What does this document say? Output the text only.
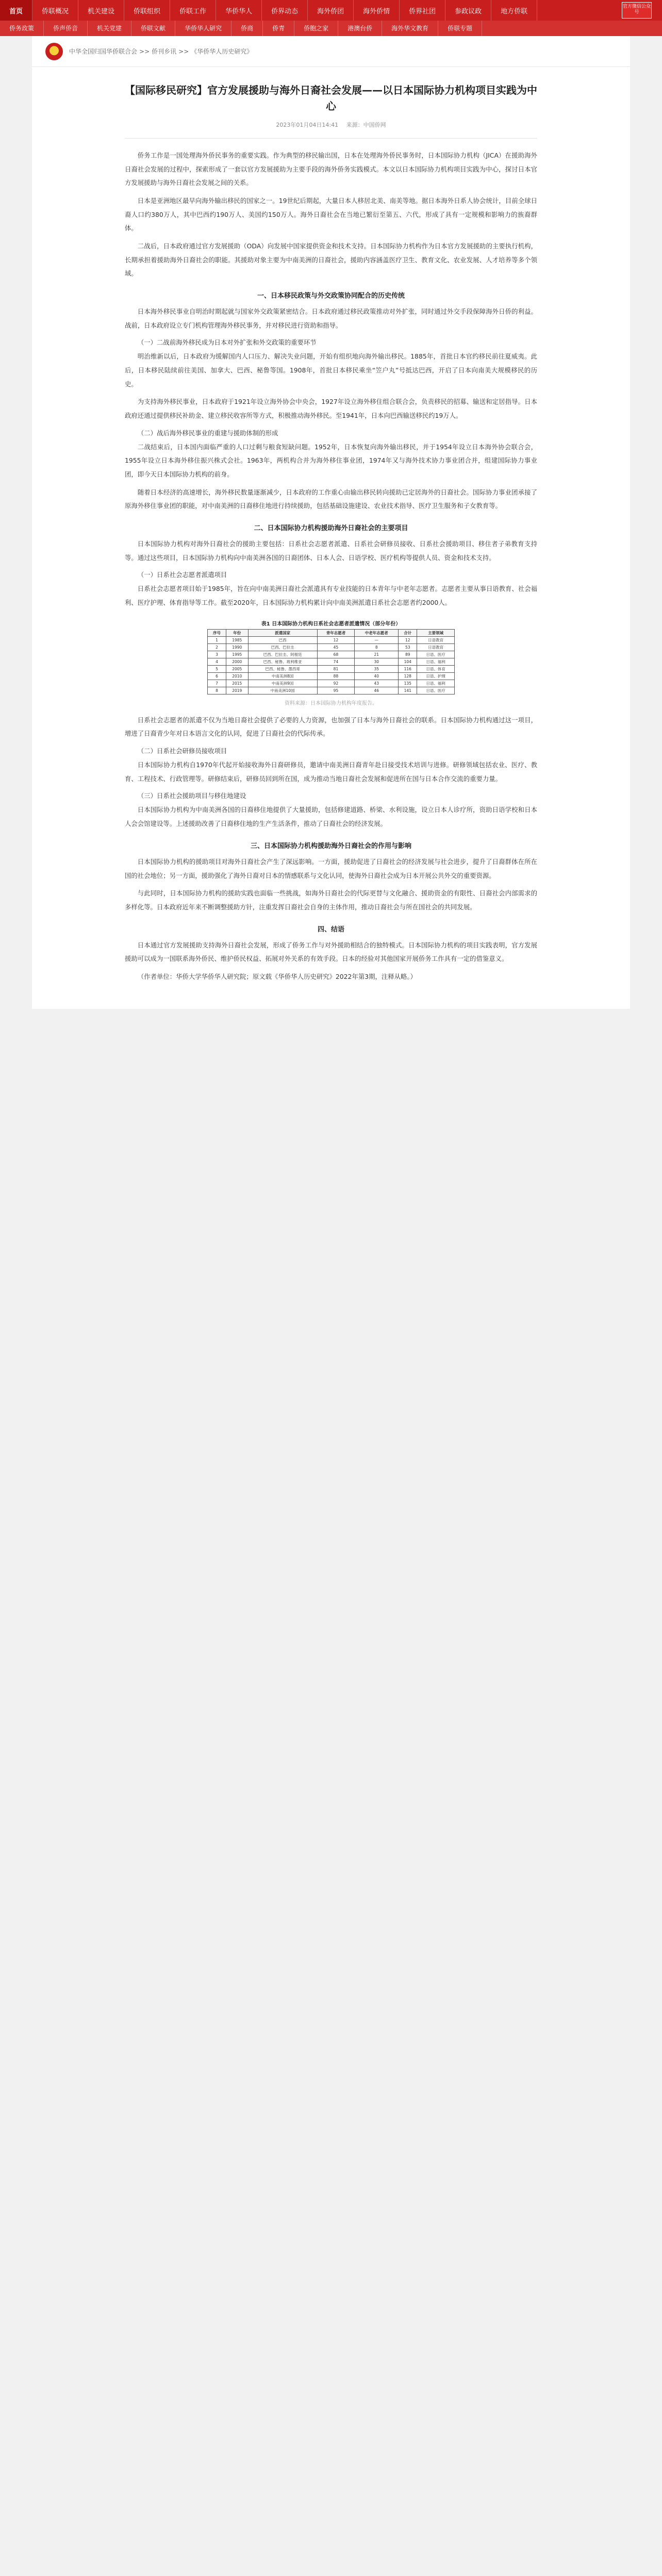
首页	侨联概况	机关建设	侨联组织	侨联工作	华侨华人	侨界动态	海外侨团	海外侨情	侨界社团	参政议政	地方侨联
侨务政策	侨声侨音	机关党建	侨联文献	华侨华人研究	侨商	侨青	侨胞之家	港澳台侨	海外华文教育	侨联专题
官方微信公众号
中华全国归国华侨联合会 >> 侨刊乡讯 >> 《华侨华人历史研究》
【国际移民研究】官方发展援助与海外日裔社会发展——以日本国际协力机构项目实践为中心
2023年01月04日14:41 来源：中国侨网

侨务工作是一国处理海外侨民事务的重要实践。作为典型的移民输出国，日本在处理海外侨民事务时，日本国际协力机构（JICA）在援助海外日裔社会发展的过程中，探索形成了一套以官方发展援助为主要手段的海外侨务实践模式。本文以日本国际协力机构项目实践为中心，探讨日本官方发展援助与海外日裔社会发展之间的关系。

日本是亚洲地区最早向海外输出移民的国家之一。19世纪后期起，大量日本人移居北美、南美等地。据日本海外日系人协会统计，目前全球日裔人口约380万人，其中巴西约190万人、美国约150万人。海外日裔社会在当地已繁衍至第五、六代，形成了具有一定规模和影响力的族裔群体。

二战后，日本政府通过官方发展援助（ODA）向发展中国家提供资金和技术支持。日本国际协力机构作为日本官方发展援助的主要执行机构，长期承担着援助海外日裔社会的职能。其援助对象主要为中南美洲的日裔社会，援助内容涵盖医疗卫生、教育文化、农业发展、人才培养等多个领域。

一、日本移民政策与外交政策协同配合的历史传统

日本海外移民事业自明治时期起就与国家外交政策紧密结合。日本政府通过移民政策推动对外扩张，同时通过外交手段保障海外日侨的利益。战前，日本政府设立专门机构管理海外移民事务，并对移民进行资助和指导。

（一）二战前海外移民成为日本对外扩张和外交政策的重要环节

明治维新以后，日本政府为缓解国内人口压力、解决失业问题，开始有组织地向海外输出移民。1885年，首批日本官约移民前往夏威夷。此后，日本移民陆续前往美国、加拿大、巴西、秘鲁等国。1908年，首批日本移民乘坐“笠户丸”号抵达巴西，开启了日本向南美大规模移民的历史。

为支持海外移民事业，日本政府于1921年设立海外协会中央会，1927年设立海外移住组合联合会，负责移民的招募、输送和定居指导。日本政府还通过提供移民补助金、建立移民收容所等方式，积极推动海外移民。至1941年，日本向巴西输送移民约19万人。

（二）战后海外移民事业的重建与援助体制的形成

二战结束后，日本国内面临严重的人口过剩与粮食短缺问题。1952年，日本恢复向海外输出移民，并于1954年设立日本海外协会联合会，1955年设立日本海外移住振兴株式会社。1963年，两机构合并为海外移住事业团，1974年又与海外技术协力事业团合并，组建国际协力事业团，即今天日本国际协力机构的前身。

随着日本经济的高速增长，海外移民数量逐渐减少，日本政府的工作重心由输出移民转向援助已定居海外的日裔社会。国际协力事业团承接了原海外移住事业团的职能，对中南美洲的日裔移住地进行持续援助，包括基础设施建设、农业技术指导、医疗卫生服务和子女教育等。

二、日本国际协力机构援助海外日裔社会的主要项目

日本国际协力机构对海外日裔社会的援助主要包括：日系社会志愿者派遣、日系社会研修员接收、日系社会援助项目、移住者子弟教育支持等。通过这些项目，日本国际协力机构向中南美洲各国的日裔团体、日本人会、日语学校、医疗机构等提供人员、资金和技术支持。

（一）日系社会志愿者派遣项目

日系社会志愿者项目始于1985年，旨在向中南美洲日裔社会派遣具有专业技能的日本青年与中老年志愿者。志愿者主要从事日语教育、社会福利、医疗护理、体育指导等工作。截至2020年，日本国际协力机构累计向中南美洲派遣日系社会志愿者约2000人。

表1 日本国际协力机构日系社会志愿者派遣情况（部分年份）
序号	年份	派遣国家	青年志愿者	中老年志愿者	合计	主要领域
1	1985	巴西	12	—	12	日语教育
2	1990	巴西、巴拉圭	45	8	53	日语教育
3	1995	巴西、巴拉圭、阿根廷	68	21	89	日语、医疗
4	2000	巴西、秘鲁、玻利维亚	74	30	104	日语、福利
5	2005	巴西、秘鲁、墨西哥	81	35	116	日语、体育
6	2010	中南美洲8国	88	40	128	日语、护理
7	2015	中南美洲9国	92	43	135	日语、福利
8	2019	中南美洲10国	95	46	141	日语、医疗
资料来源：日本国际协力机构年度报告。

日系社会志愿者的派遣不仅为当地日裔社会提供了必要的人力资源，也加强了日本与海外日裔社会的联系。日本国际协力机构通过这一项目，增进了日裔青少年对日本语言文化的认同，促进了日裔社会的代际传承。

（二）日系社会研修员接收项目

日本国际协力机构自1970年代起开始接收海外日裔研修员，邀请中南美洲日裔青年赴日接受技术培训与进修。研修领域包括农业、医疗、教育、工程技术、行政管理等。研修结束后，研修员回到所在国，成为推动当地日裔社会发展和促进所在国与日本合作交流的重要力量。

（三）日系社会援助项目与移住地建设

日本国际协力机构为中南美洲各国的日裔移住地提供了大量援助，包括修建道路、桥梁、水利设施，设立日本人诊疗所，资助日语学校和日本人会会馆建设等。上述援助改善了日裔移住地的生产生活条件，推动了日裔社会的经济发展。

三、日本国际协力机构援助海外日裔社会的作用与影响

日本国际协力机构的援助项目对海外日裔社会产生了深远影响。一方面，援助促进了日裔社会的经济发展与社会进步，提升了日裔群体在所在国的社会地位；另一方面，援助强化了海外日裔对日本的情感联系与文化认同，使海外日裔社会成为日本开展公共外交的重要资源。

与此同时，日本国际协力机构的援助实践也面临一些挑战，如海外日裔社会的代际更替与文化融合、援助资金的有限性、日裔社会内部需求的多样化等。日本政府近年来不断调整援助方针，注重发挥日裔社会自身的主体作用，推动日裔社会与所在国社会的共同发展。

四、结语

日本通过官方发展援助支持海外日裔社会发展，形成了侨务工作与对外援助相结合的独特模式。日本国际协力机构的项目实践表明，官方发展援助可以成为一国联系海外侨民、维护侨民权益、拓展对外关系的有效手段。日本的经验对其他国家开展侨务工作具有一定的借鉴意义。

（作者单位：华侨大学华侨华人研究院；原文载《华侨华人历史研究》2022年第3期，注释从略。）
